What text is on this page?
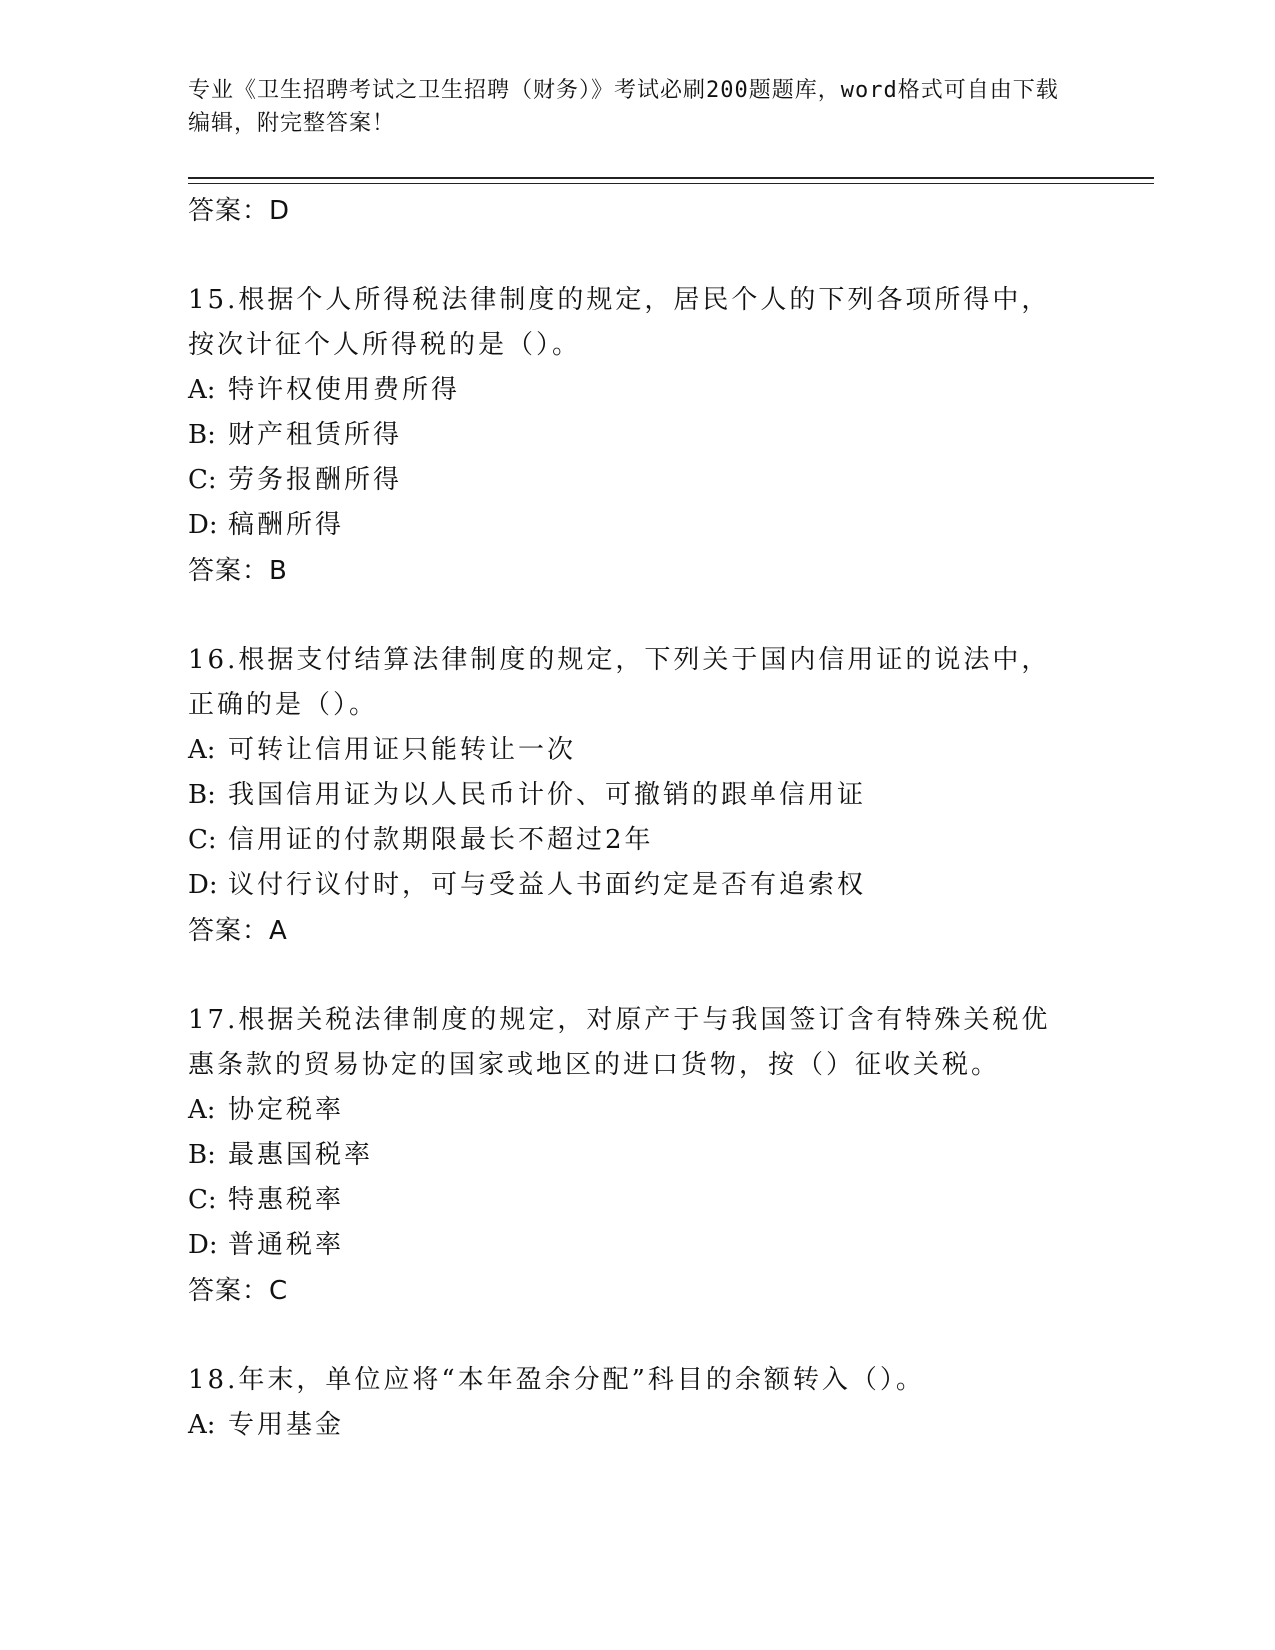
专业《卫生招聘考试之卫生招聘（财务）》考试必刷200题题库，word格式可自由下载编辑，附完整答案！
答案：D
15.根据个人所得税法律制度的规定，居民个人的下列各项所得中，按次计征个人所得税的是（）。
A : 特许权使用费所得
B : 财产租赁所得
C : 劳务报酬所得
D : 稿酬所得
答案：B
16.根据支付结算法律制度的规定，下列关于国内信用证的说法中，正确的是（）。
A : 可转让信用证只能转让一次
B : 我国信用证为以人民币计价、可撤销的跟单信用证
C : 信用证的付款期限最长不超过2年
D : 议付行议付时，可与受益人书面约定是否有追索权
答案：A
17.根据关税法律制度的规定，对原产于与我国签订含有特殊关税优惠条款的贸易协定的国家或地区的进口货物，按（）征收关税。
A : 协定税率
B : 最惠国税率
C : 特惠税率
D : 普通税率
答案：C
18.年末，单位应将“本年盈余分配”科目的余额转入（）。
A : 专用基金
